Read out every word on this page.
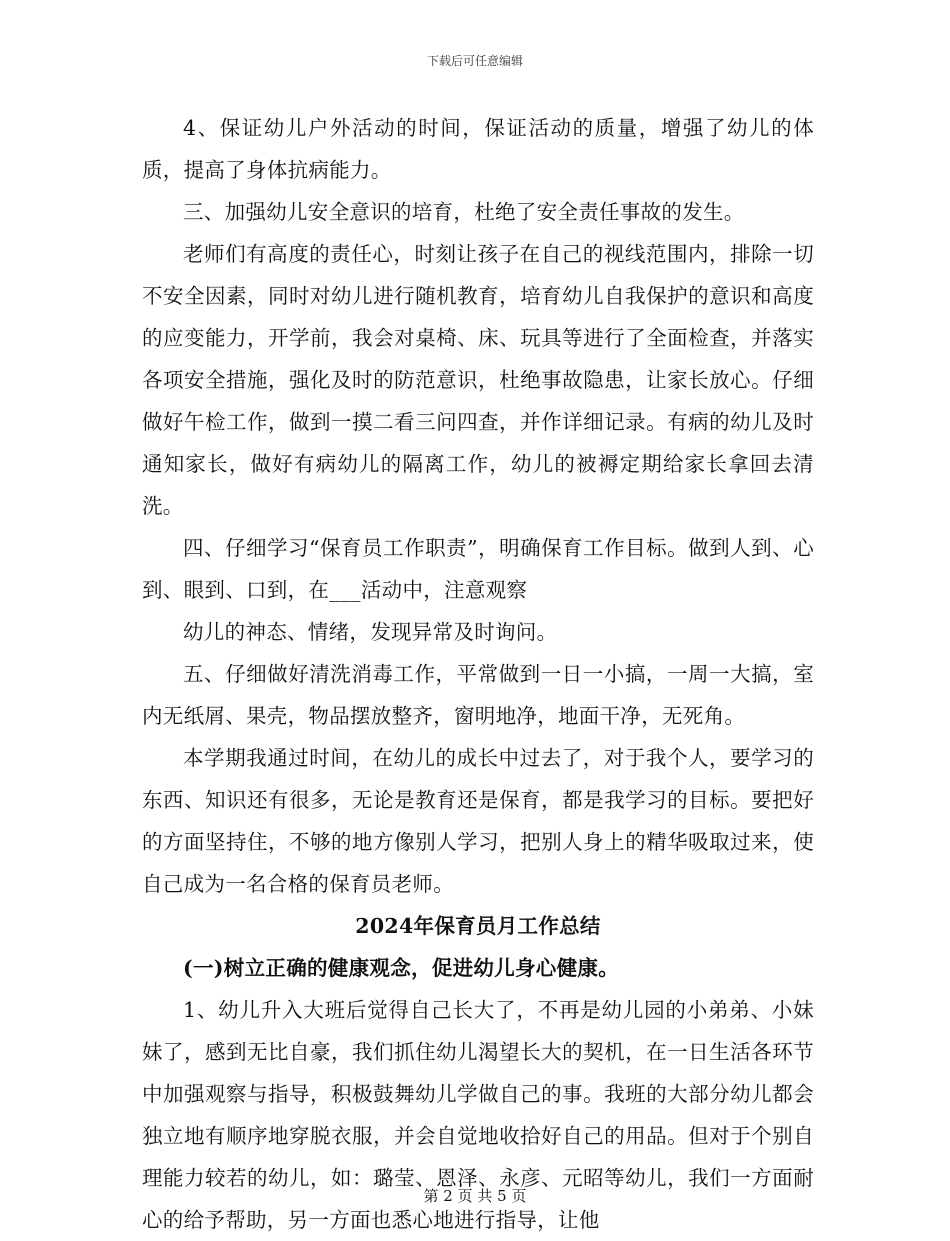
下载后可任意编辑

4、保证幼儿户外活动的时间，保证活动的质量，增强了幼儿的体质，提高了身体抗病能力。

三、加强幼儿安全意识的培育，杜绝了安全责任事故的发生。

老师们有高度的责任心，时刻让孩子在自己的视线范围内，排除一切不安全因素，同时对幼儿进行随机教育，培育幼儿自我保护的意识和高度的应变能力，开学前，我会对桌椅、床、玩具等进行了全面检查，并落实各项安全措施，强化及时的防范意识，杜绝事故隐患，让家长放心。仔细做好午检工作，做到一摸二看三问四查，并作详细记录。有病的幼儿及时通知家长，做好有病幼儿的隔离工作，幼儿的被褥定期给家长拿回去清洗。

四、仔细学习“保育员工作职责”，明确保育工作目标。做到人到、心到、眼到、口到，在___活动中，注意观察

幼儿的神态、情绪，发现异常及时询问。

五、仔细做好清洗消毒工作，平常做到一日一小搞，一周一大搞，室内无纸屑、果壳，物品摆放整齐，窗明地净，地面干净，无死角。

本学期我通过时间，在幼儿的成长中过去了，对于我个人，要学习的东西、知识还有很多，无论是教育还是保育，都是我学习的目标。要把好的方面坚持住，不够的地方像别人学习，把别人身上的精华吸取过来，使自己成为一名合格的保育员老师。

2024年保育员月工作总结

(一)树立正确的健康观念，促进幼儿身心健康。

1、幼儿升入大班后觉得自己长大了，不再是幼儿园的小弟弟、小妹妹了，感到无比自豪，我们抓住幼儿渴望长大的契机，在一日生活各环节中加强观察与指导，积极鼓舞幼儿学做自己的事。我班的大部分幼儿都会独立地有顺序地穿脱衣服，并会自觉地收拾好自己的用品。但对于个别自理能力较若的幼儿，如：璐莹、恩泽、永彦、元昭等幼儿，我们一方面耐心的给予帮助，另一方面也悉心地进行指导，让他

第 2 页 共 5 页
